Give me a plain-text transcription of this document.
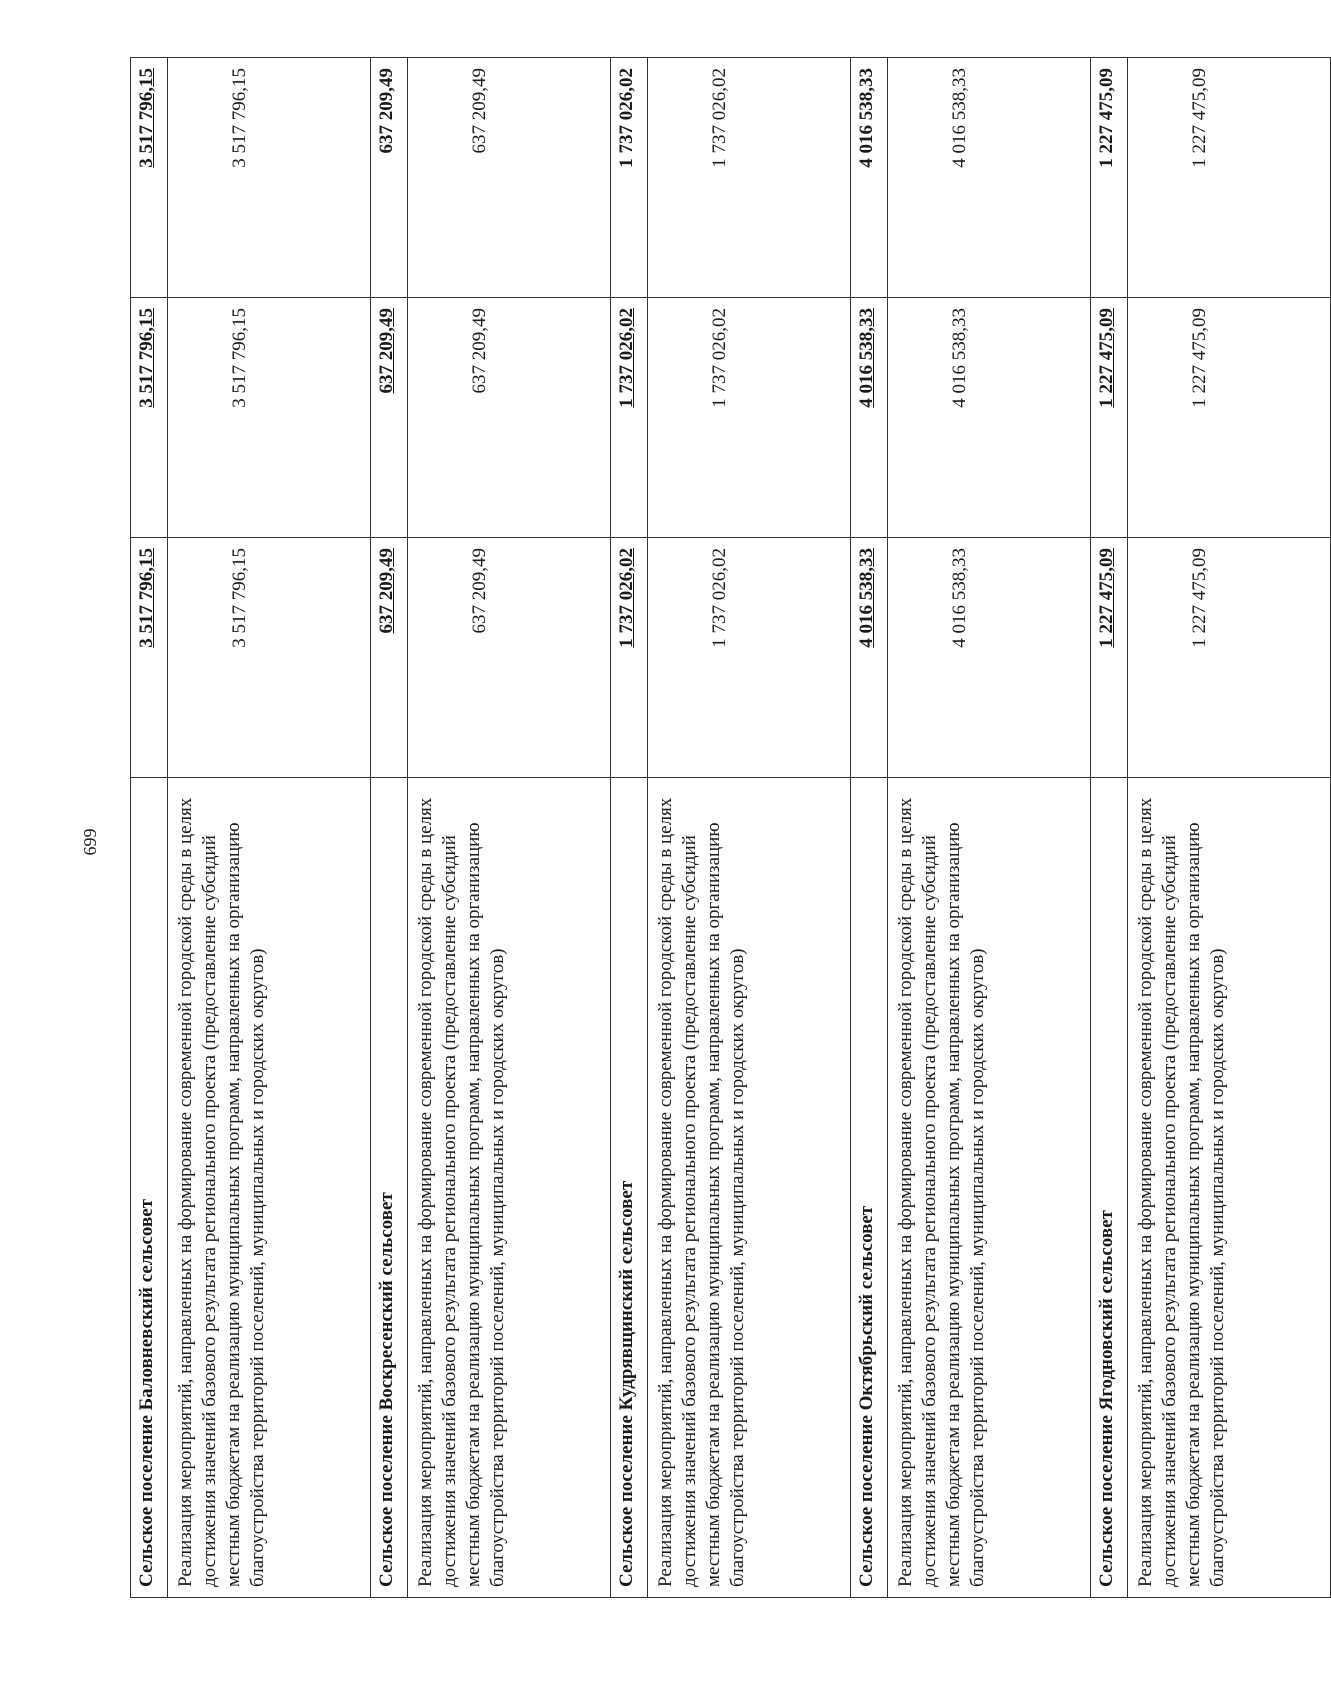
699
Сельское поселение Баловневский сельсовет	3 517 796,15	3 517 796,15	3 517 796,15
Реализация мероприятий, направленных на формирование современной городской среды в целях достижения значений базового результата регионального проекта (предоставление субсидий местным бюджетам на реализацию муниципальных программ, направленных на организацию благоустройства территорий поселений, муниципальных и городских округов)	3 517 796,15	3 517 796,15	3 517 796,15
Сельское поселение Воскресенский сельсовет	637 209,49	637 209,49	637 209,49
Реализация мероприятий, направленных на формирование современной городской среды в целях достижения значений базового результата регионального проекта (предоставление субсидий местным бюджетам на реализацию муниципальных программ, направленных на организацию благоустройства территорий поселений, муниципальных и городских округов)	637 209,49	637 209,49	637 209,49
Сельское поселение Кудрявщинский сельсовет	1 737 026,02	1 737 026,02	1 737 026,02
Реализация мероприятий, направленных на формирование современной городской среды в целях достижения значений базового результата регионального проекта (предоставление субсидий местным бюджетам на реализацию муниципальных программ, направленных на организацию благоустройства территорий поселений, муниципальных и городских округов)	1 737 026,02	1 737 026,02	1 737 026,02
Сельское поселение Октябрьский сельсовет	4 016 538,33	4 016 538,33	4 016 538,33
Реализация мероприятий, направленных на формирование современной городской среды в целях достижения значений базового результата регионального проекта (предоставление субсидий местным бюджетам на реализацию муниципальных программ, направленных на организацию благоустройства территорий поселений, муниципальных и городских округов)	4 016 538,33	4 016 538,33	4 016 538,33
Сельское поселение Ягодновский сельсовет	1 227 475,09	1 227 475,09	1 227 475,09
Реализация мероприятий, направленных на формирование современной городской среды в целях достижения значений базового результата регионального проекта (предоставление субсидий местным бюджетам на реализацию муниципальных программ, направленных на организацию благоустройства территорий поселений, муниципальных и городских округов)	1 227 475,09	1 227 475,09	1 227 475,09
